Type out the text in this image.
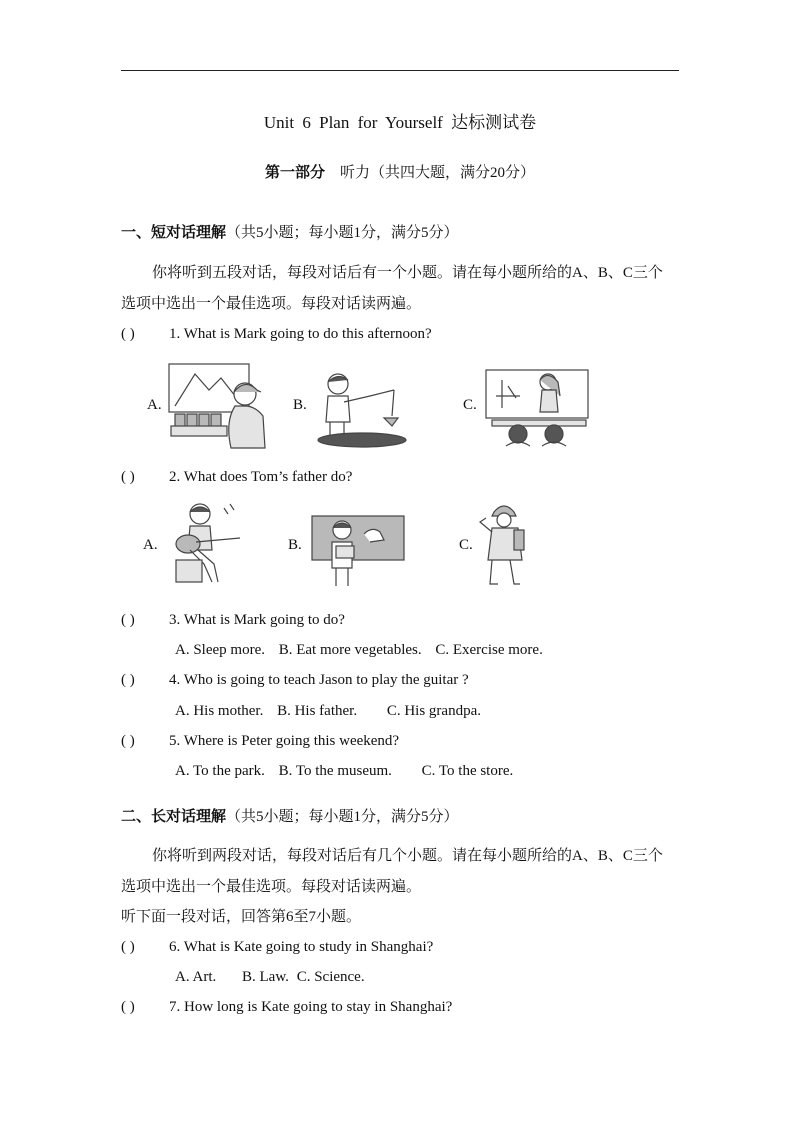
Unit 6 Plan for Yourself 达标测试卷
第一部分 听力（共四大题，满分20分）
一、短对话理解（共5小题；每小题1分，满分5分）
你将听到五段对话，每段对话后有一个小题。请在每小题所给的A、B、C三个
选项中选出一个最佳选项。每段对话读两遍。
( ) 1. What is Mark going to do this afternoon?
A.	B.	C.
( ) 2. What does Tom’s father do?
A.	B.	C.
( ) 3. What is Mark going to do?
A. Sleep more. B. Eat more vegetables. C. Exercise more.
( ) 4. Who is going to teach Jason to play the guitar ?
A. His mother. B. His father. C. His grandpa.
( ) 5. Where is Peter going this weekend?
A. To the park. B. To the museum. C. To the store.
二、长对话理解（共5小题；每小题1分，满分5分）
你将听到两段对话，每段对话后有几个小题。请在每小题所给的A、B、C三个
选项中选出一个最佳选项。每段对话读两遍。
听下面一段对话，回答第6至7小题。
( ) 6. What is Kate going to study in Shanghai?
A. Art. B. Law. C. Science.
( ) 7. How long is Kate going to stay in Shanghai?
